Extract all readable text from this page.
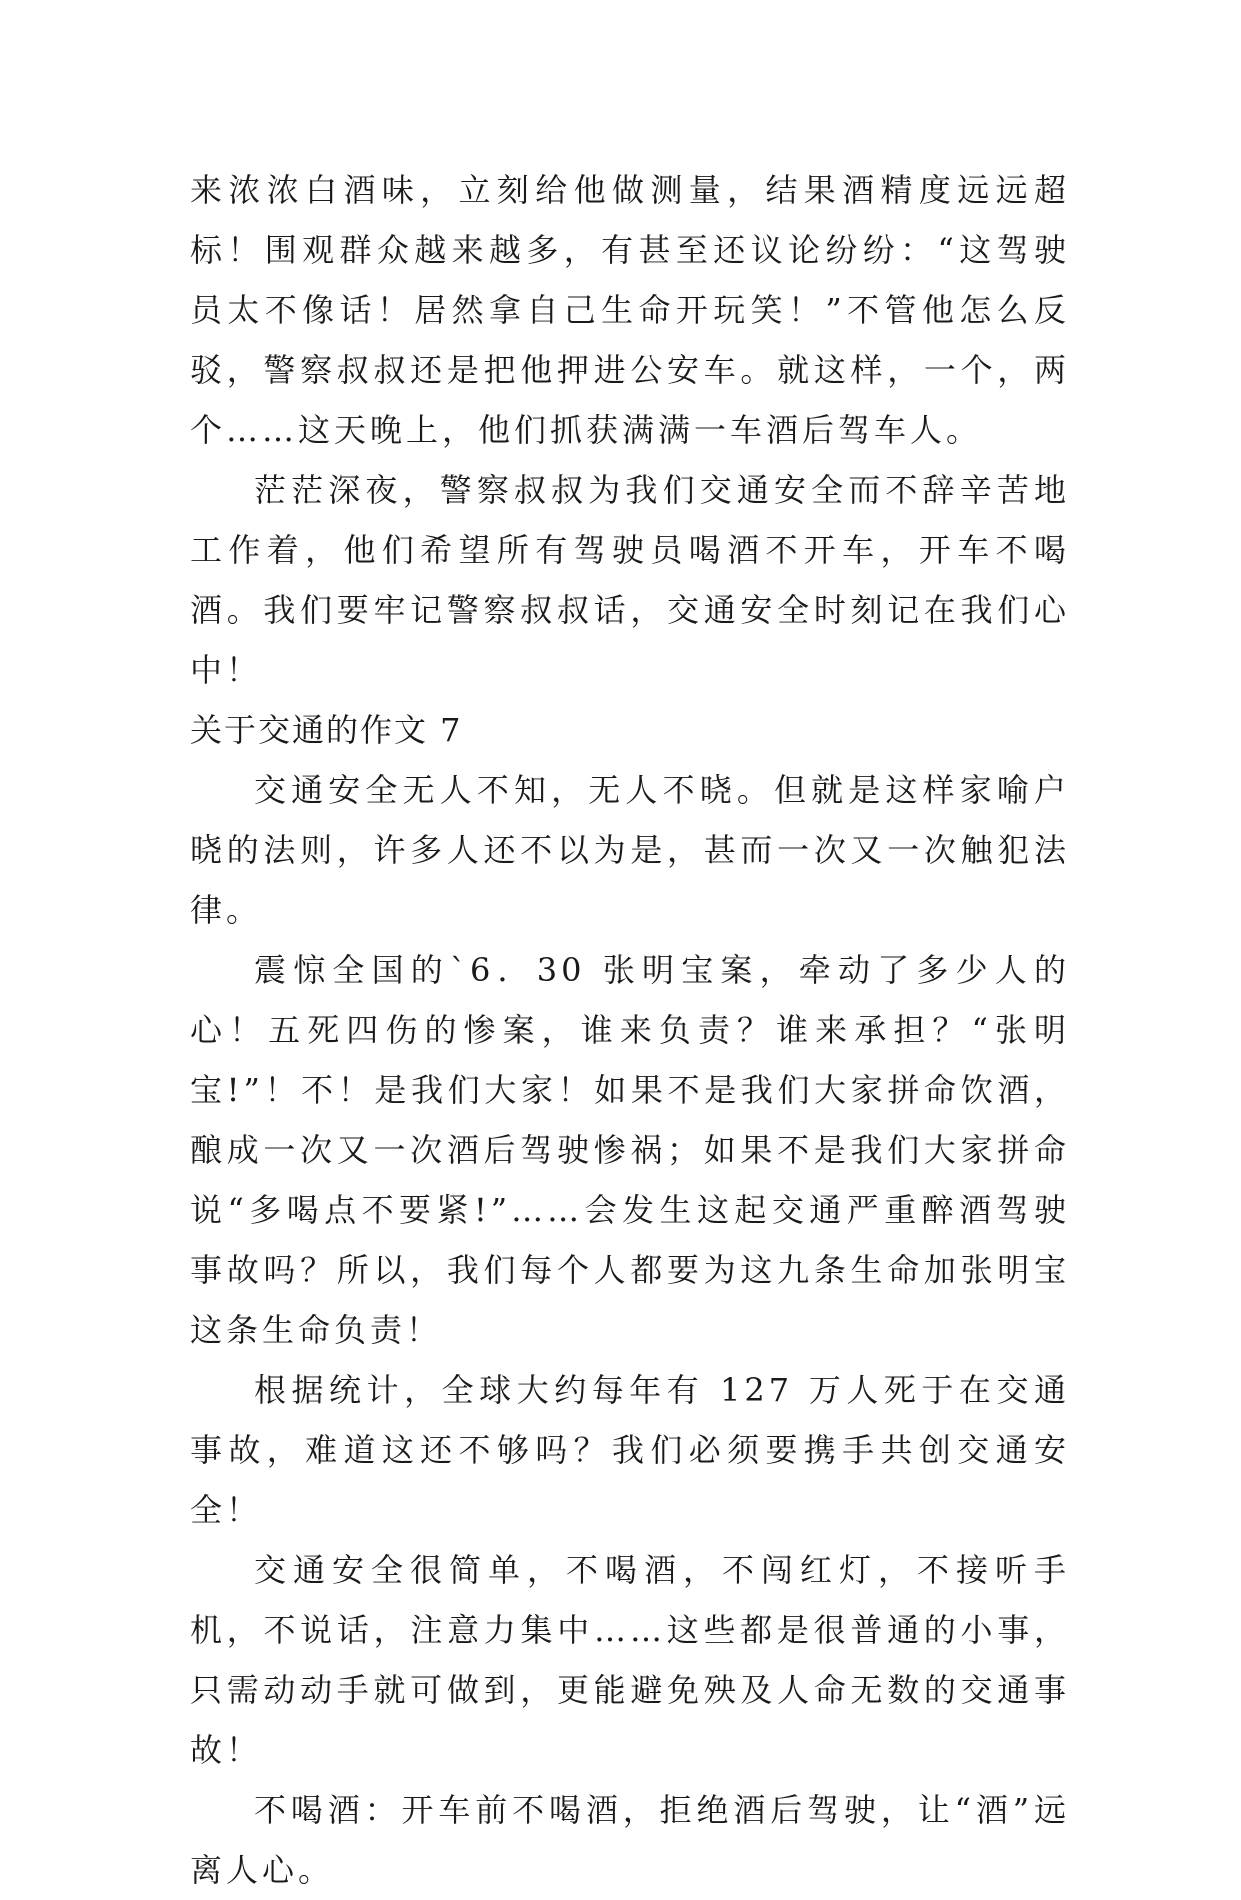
来浓浓白酒味，立刻给他做测量，结果酒精度远远超标！围观群众越来越多，有甚至还议论纷纷：“这驾驶员太不像话！居然拿自己生命开玩笑！”不管他怎么反驳，警察叔叔还是把他押进公安车。就这样，一个，两个……这天晚上，他们抓获满满一车酒后驾车人。

茫茫深夜，警察叔叔为我们交通安全而不辞辛苦地工作着，他们希望所有驾驶员喝酒不开车，开车不喝酒。我们要牢记警察叔叔话，交通安全时刻记在我们心中！

关于交通的作文 7

交通安全无人不知，无人不晓。但就是这样家喻户晓的法则，许多人还不以为是，甚而一次又一次触犯法律。

震惊全国的`6．30 张明宝案，牵动了多少人的心！五死四伤的惨案，谁来负责？谁来承担？“张明宝!”！不！是我们大家！如果不是我们大家拼命饮酒，酿成一次又一次酒后驾驶惨祸；如果不是我们大家拼命说“多喝点不要紧!”……会发生这起交通严重醉酒驾驶事故吗？所以，我们每个人都要为这九条生命加张明宝这条生命负责！

根据统计，全球大约每年有 127 万人死于在交通事故，难道这还不够吗？我们必须要携手共创交通安全！

交通安全很简单，不喝酒，不闯红灯，不接听手机，不说话，注意力集中……这些都是很普通的小事，只需动动手就可做到，更能避免殃及人命无数的交通事故！

不喝酒：开车前不喝酒，拒绝酒后驾驶，让“酒”远离人心。
